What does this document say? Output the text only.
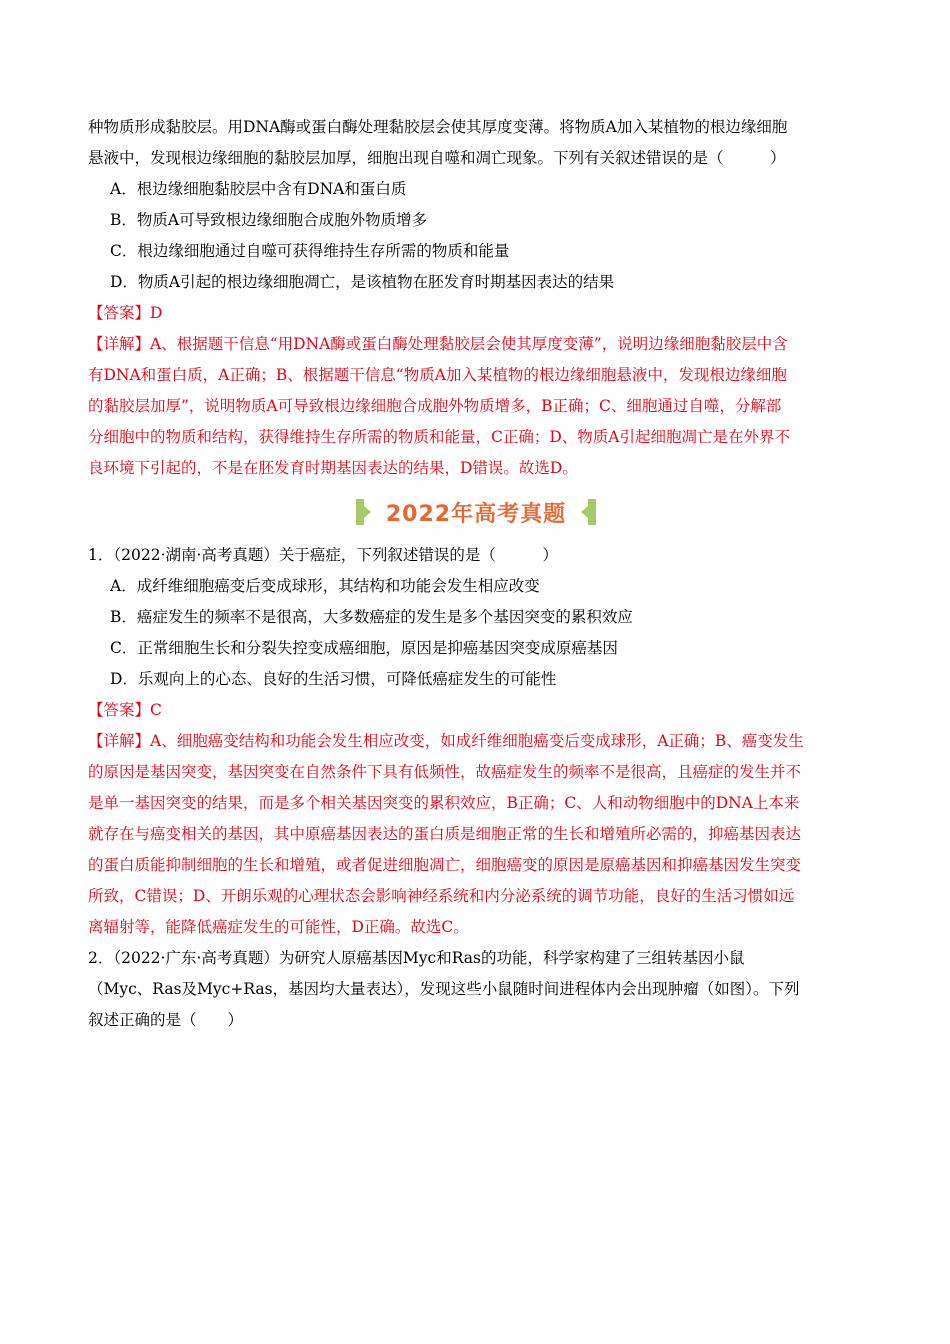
种物质形成黏胶层。用DNA酶或蛋白酶处理黏胶层会使其厚度变薄。将物质A加入某植物的根边缘细胞
悬液中，发现根边缘细胞的黏胶层加厚，细胞出现自噬和凋亡现象。下列有关叙述错误的是（　　　）
A．根边缘细胞黏胶层中含有DNA和蛋白质
B．物质A可导致根边缘细胞合成胞外物质增多
C．根边缘细胞通过自噬可获得维持生存所需的物质和能量
D．物质A引起的根边缘细胞凋亡，是该植物在胚发育时期基因表达的结果
【答案】D
【详解】A、根据题干信息“用DNA酶或蛋白酶处理黏胶层会使其厚度变薄”，说明边缘细胞黏胶层中含
有DNA和蛋白质，A正确；B、根据题干信息“物质A加入某植物的根边缘细胞悬液中，发现根边缘细胞
的黏胶层加厚”，说明物质A可导致根边缘细胞合成胞外物质增多，B正确；C、细胞通过自噬，分解部
分细胞中的物质和结构，获得维持生存所需的物质和能量，C正确；D、物质A引起细胞凋亡是在外界不
良环境下引起的，不是在胚发育时期基因表达的结果，D错误。故选D。
2022年高考真题
1．（2022·湖南·高考真题）关于癌症，下列叙述错误的是（　　　）
A．成纤维细胞癌变后变成球形，其结构和功能会发生相应改变
B．癌症发生的频率不是很高，大多数癌症的发生是多个基因突变的累积效应
C．正常细胞生长和分裂失控变成癌细胞，原因是抑癌基因突变成原癌基因
D．乐观向上的心态、良好的生活习惯，可降低癌症发生的可能性
【答案】C
【详解】A、细胞癌变结构和功能会发生相应改变，如成纤维细胞癌变后变成球形，A正确；B、癌变发生
的原因是基因突变，基因突变在自然条件下具有低频性，故癌症发生的频率不是很高，且癌症的发生并不
是单一基因突变的结果，而是多个相关基因突变的累积效应，B正确；C、人和动物细胞中的DNA上本来
就存在与癌变相关的基因，其中原癌基因表达的蛋白质是细胞正常的生长和增殖所必需的，抑癌基因表达
的蛋白质能抑制细胞的生长和增殖，或者促进细胞凋亡，细胞癌变的原因是原癌基因和抑癌基因发生突变
所致，C错误；D、开朗乐观的心理状态会影响神经系统和内分泌系统的调节功能，良好的生活习惯如远
离辐射等，能降低癌症发生的可能性，D正确。故选C。
2．（2022·广东·高考真题）为研究人原癌基因Myc和Ras的功能，科学家构建了三组转基因小鼠
（Myc、Ras及Myc+Ras，基因均大量表达），发现这些小鼠随时间进程体内会出现肿瘤（如图）。下列
叙述正确的是（　　）
